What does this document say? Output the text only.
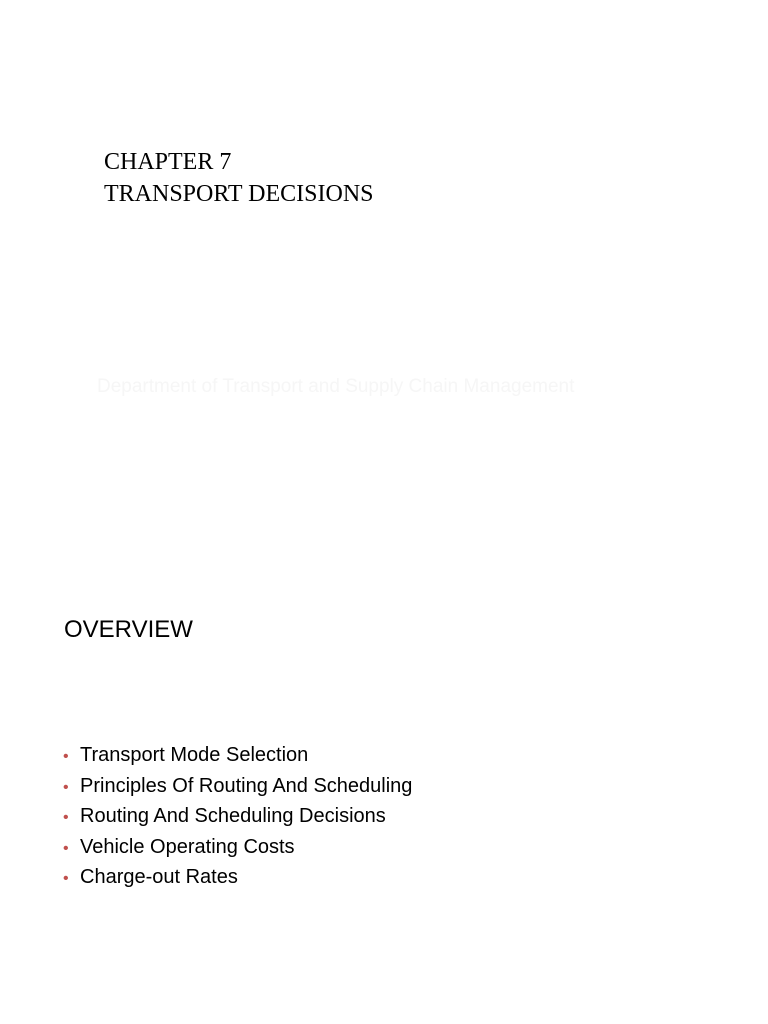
CHAPTER 7
TRANSPORT DECISIONS
Department of Transport and Supply Chain Management
OVERVIEW
• Transport Mode Selection
• Principles Of Routing And Scheduling
• Routing And Scheduling Decisions
• Vehicle Operating Costs
• Charge-out Rates
